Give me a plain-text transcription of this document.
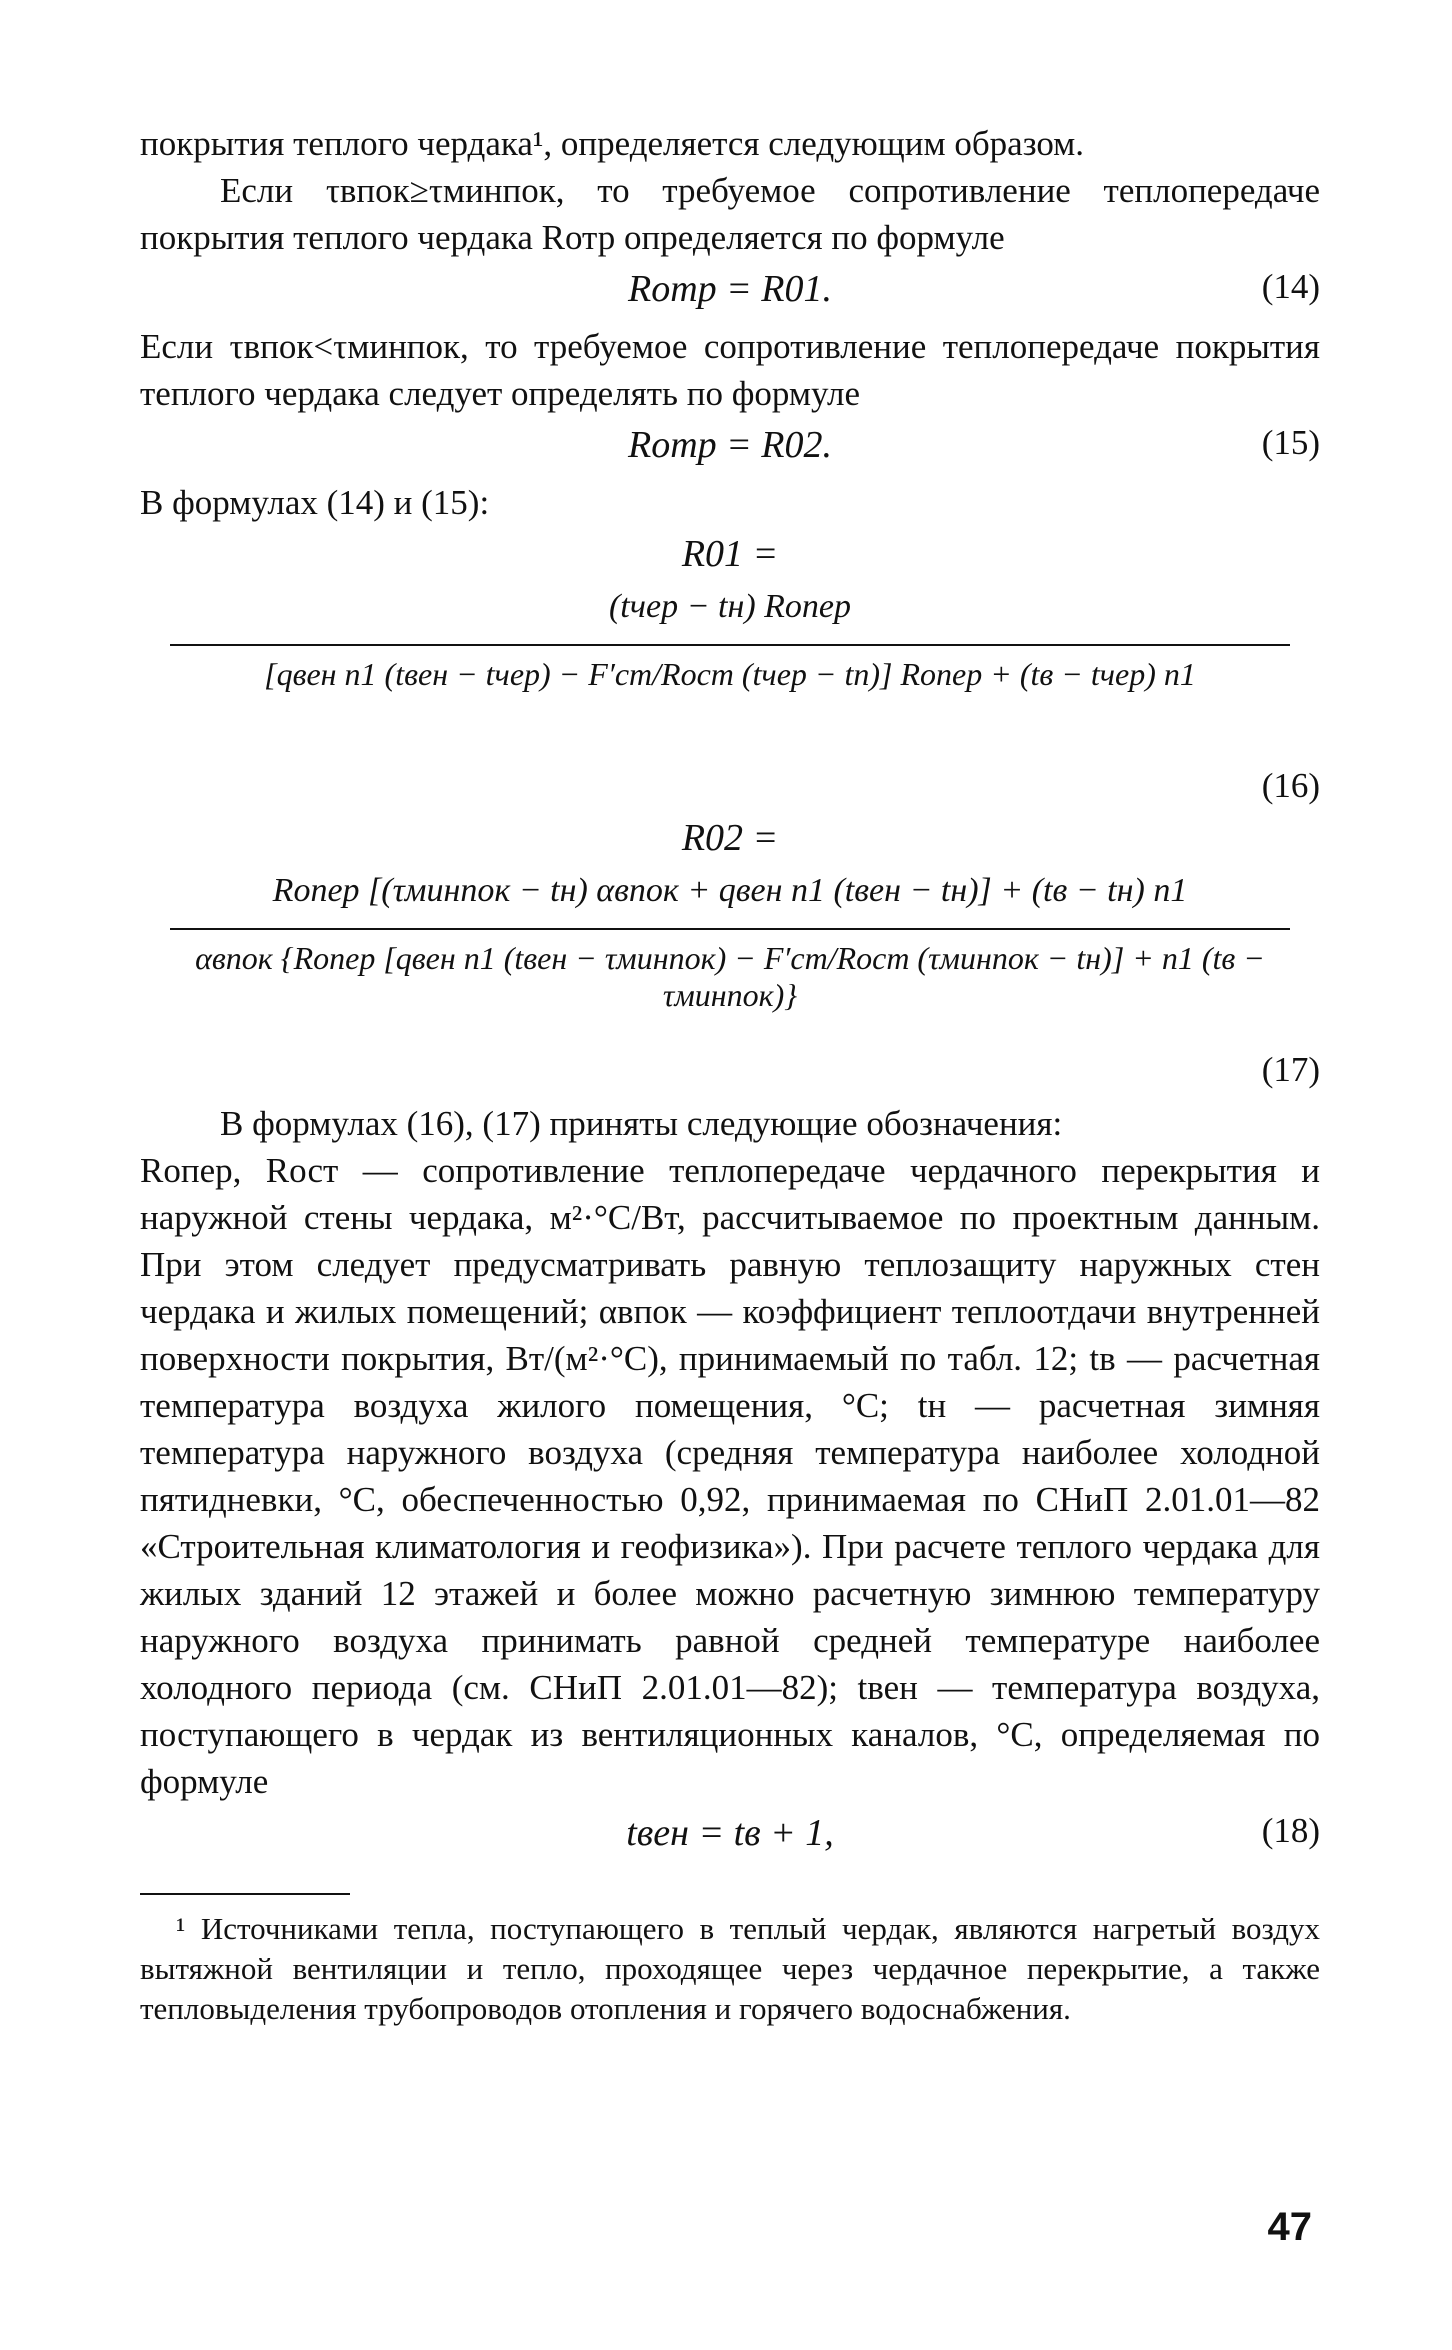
покрытия теплого чердака¹, определяется следующим образом.

Если τвпок≥τминпок, то требуемое сопротивление теплопередаче покрытия теплого чердака Rотр определяется по формуле

Rотр = R01.	(14)

Если τвпок<τминпок, то требуемое сопротивление теплопередаче покрытия теплого чердака следует определять по формуле

Rотр = R02.	(15)

В формулах (14) и (15):

R01 =
(tчер − tн) Rопер
[qвен n1 (tвен − tчер) − F′ст/Rост (tчер − tп)] Rопер + (tв − tчер) n1
(16)
R02 =
Rопер [(τминпок − tн) αвпок + qвен n1 (tвен − tн)] + (tв − tн) n1
αвпок {Rопер [qвен n1 (tвен − τминпок) − F′ст/Rост (τминпок − tн)] + n1 (tв − τминпок)}
(17)

В формулах (16), (17) приняты следующие обозначения:

Rопер, Rост — сопротивление теплопередаче чердачного перекрытия и наружной стены чердака, м²·°С/Вт, рассчитываемое по проектным данным. При этом следует предусматривать равную теплозащиту наружных стен чердака и жилых помещений; αвпок — коэффициент теплоотдачи внутренней поверхности покрытия, Вт/(м²·°С), принимаемый по табл. 12; tв — расчетная температура воздуха жилого помещения, °С; tн — расчетная зимняя температура наружного воздуха (средняя температура наиболее холодной пятидневки, °С, обеспеченностью 0,92, принимаемая по СНиП 2.01.01—82 «Строительная климатология и геофизика»). При расчете теплого чердака для жилых зданий 12 этажей и более можно расчетную зимнюю температуру наружного воздуха принимать равной средней температуре наиболее холодного периода (см. СНиП 2.01.01—82); tвен — температура воздуха, поступающего в чердак из вентиляционных каналов, °С, определяемая по формуле

tвен = tв + 1,	(18)

¹ Источниками тепла, поступающего в теплый чердак, являются нагретый воздух вытяжной вентиляции и тепло, проходящее через чердачное перекрытие, а также тепловыделения трубопроводов отопления и горячего водоснабжения.

47
